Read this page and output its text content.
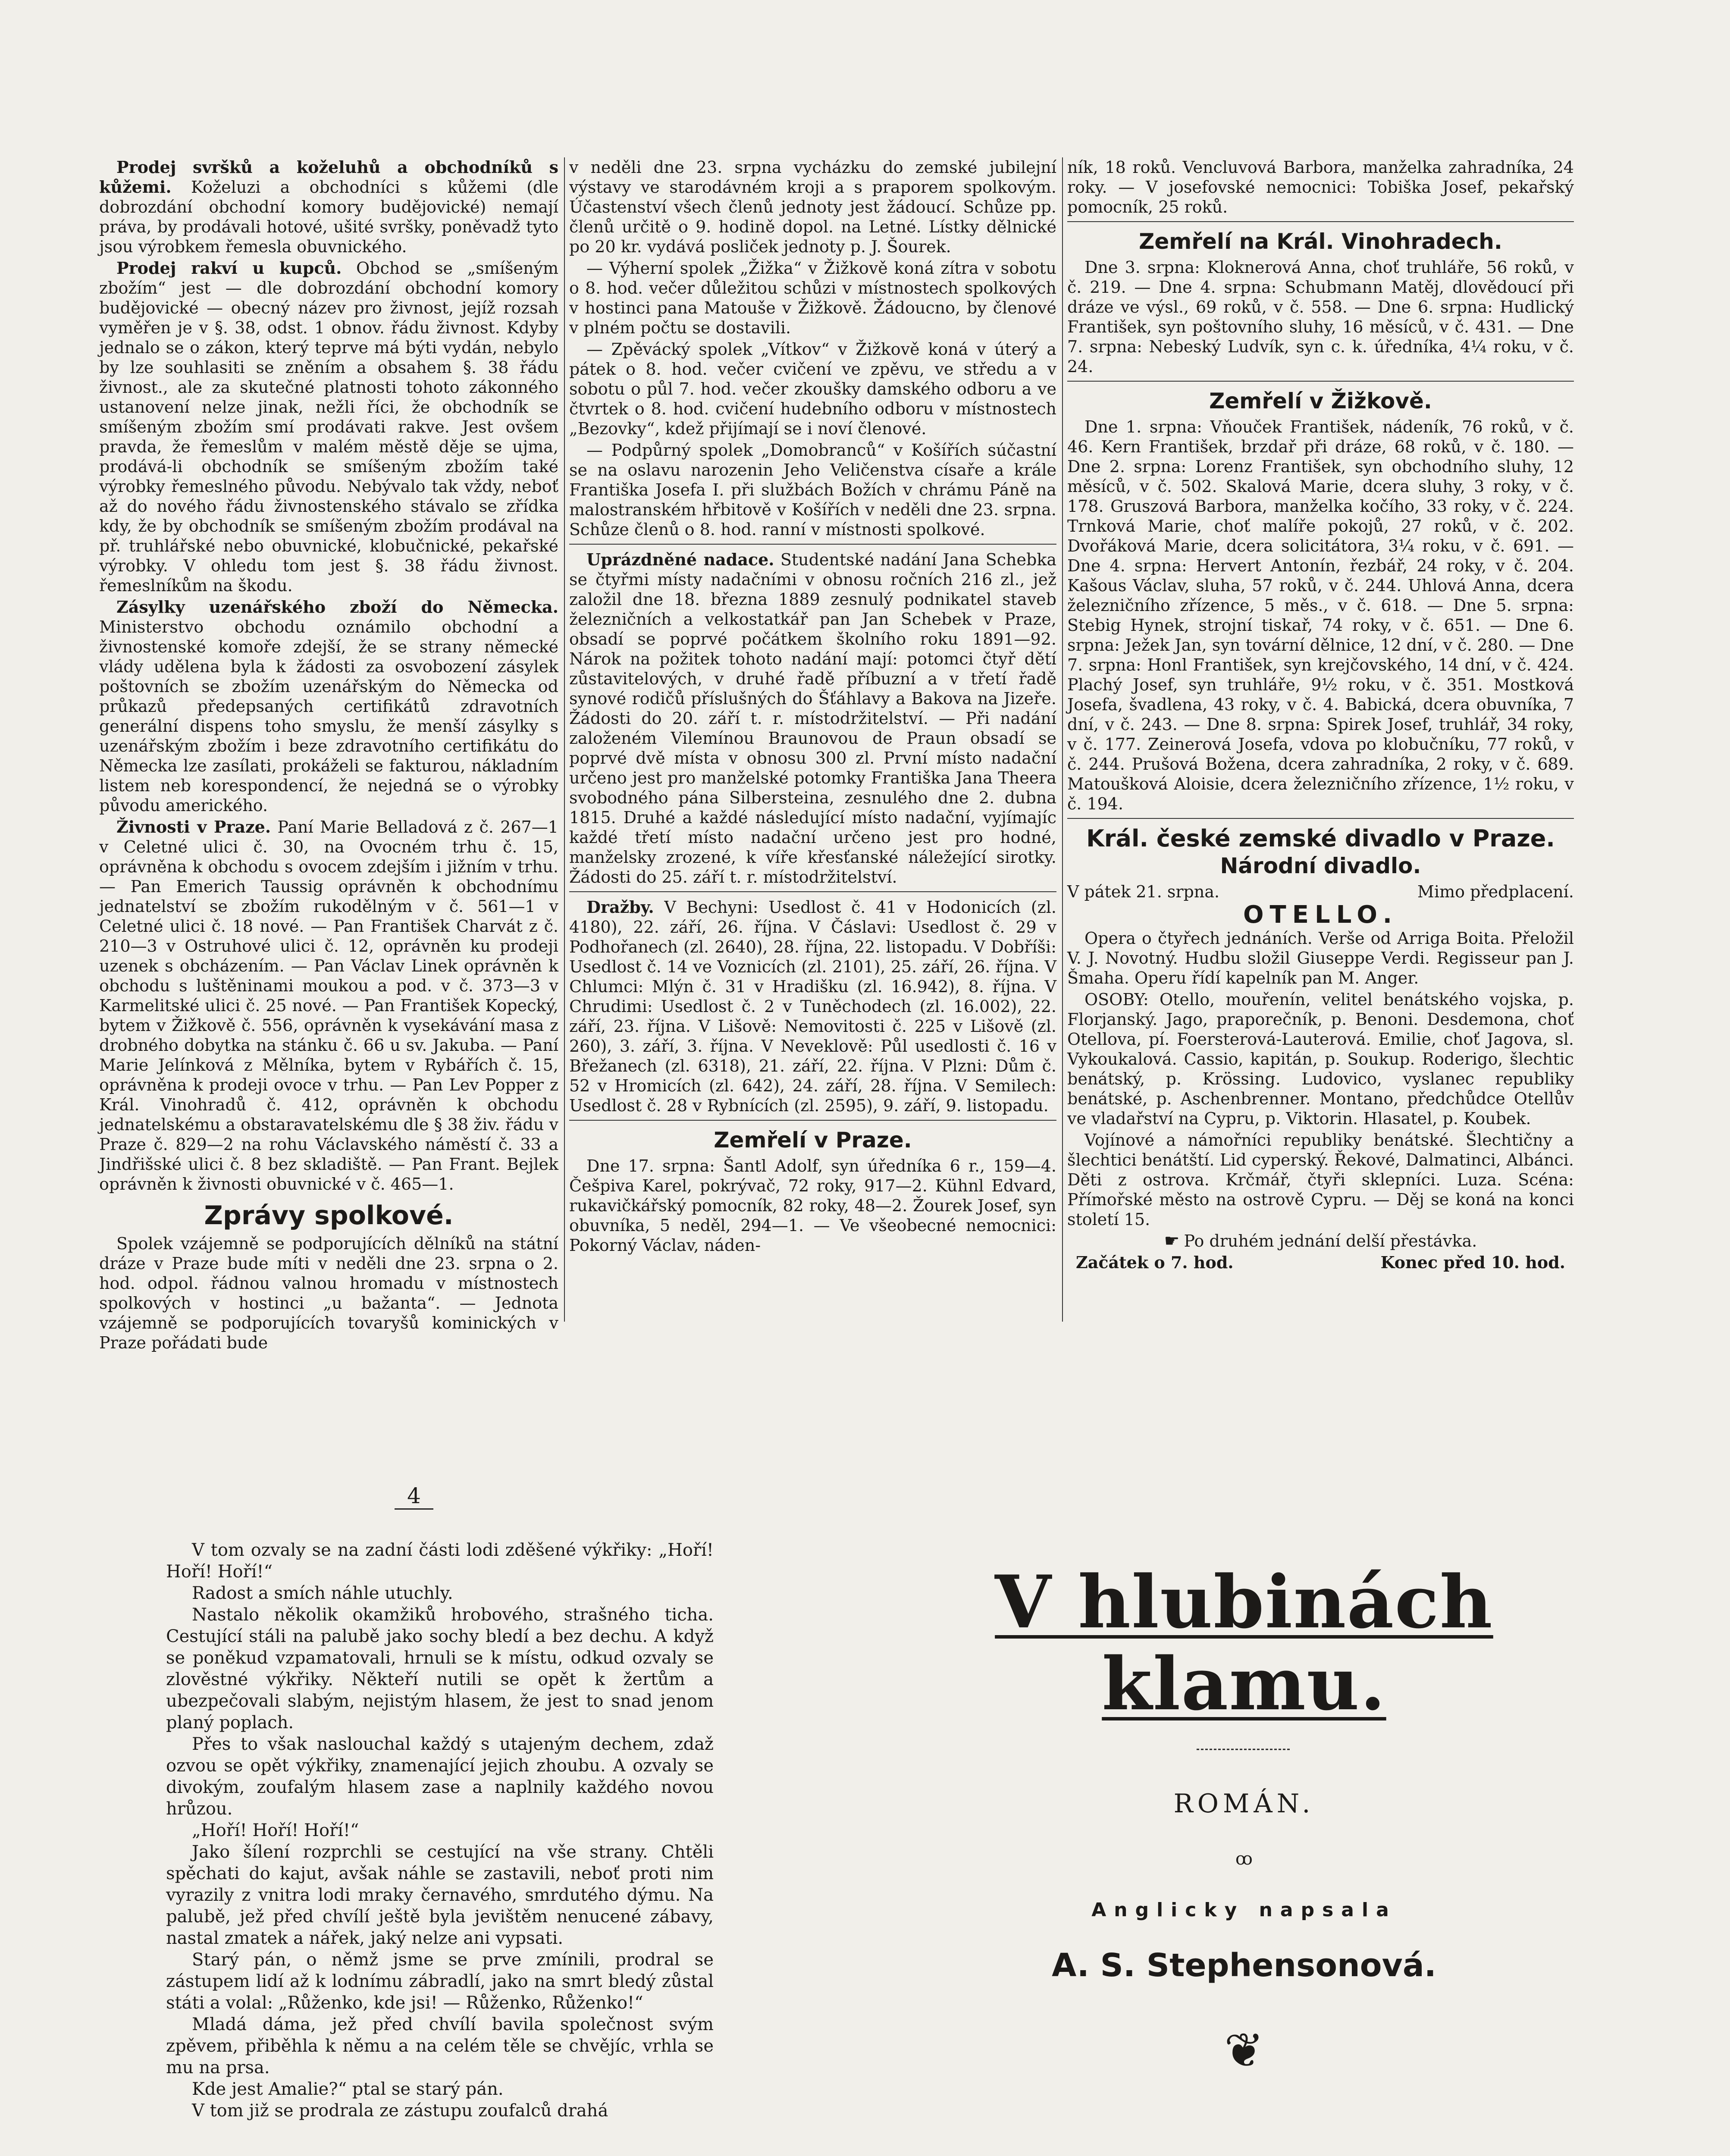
Prodej svršků a koželuhů a obchodníků s kůžemi. Koželuzi a obchodníci s kůžemi (dle dobrozdání obchodní komory budějovické) nemají práva, by prodávali hotové, ušité svršky, poněvadž tyto jsou výrobkem řemesla obuvnického.

Prodej rakví u kupců. Obchod se „smíšeným zbožím“ jest — dle dobrozdání obchodní komory budějovické — obecný název pro živnost, jejíž rozsah vyměřen je v §. 38, odst. 1 obnov. řádu živnost. Kdyby jednalo se o zákon, který teprve má býti vydán, nebylo by lze souhlasiti se zněním a obsahem §. 38 řádu živnost., ale za skutečné platnosti tohoto zákonného ustanovení nelze jinak, nežli říci, že obchodník se smíšeným zbožím smí prodávati rakve. Jest ovšem pravda, že řemeslům v malém městě děje se ujma, prodává-li obchodník se smíšeným zbožím také výrobky řemeslného původu. Nebývalo tak vždy, neboť až do nového řádu živnostenského stávalo se zřídka kdy, že by obchodník se smíšeným zbožím prodával na př. truhlářské nebo obuvnické, klobučnické, pekařské výrobky. V ohledu tom jest §. 38 řádu živnost. řemeslníkům na škodu.

Zásylky uzenářského zboží do Německa. Ministerstvo obchodu oznámilo obchodní a živnostenské komoře zdejší, že se strany německé vlády udělena byla k žádosti za osvobození zásylek poštovních se zbožím uzenářským do Německa od průkazů předepsaných certifikátů zdravotních generální dispens toho smyslu, že menší zásylky s uzenářským zbožím i beze zdravotního certifikátu do Německa lze zasílati, prokáželi se fakturou, nákladním listem neb korespondencí, že nejedná se o výrobky původu amerického.

Živnosti v Praze. Paní Marie Belladová z č. 267—1 v Celetné ulici č. 30, na Ovocném trhu č. 15, oprávněna k obchodu s ovocem zdejším i jižním v trhu. — Pan Emerich Taussig oprávněn k obchodnímu jednatelství se zbožím rukodělným v č. 561—1 v Celetné ulici č. 18 nové. — Pan František Charvát z č. 210—3 v Ostruhové ulici č. 12, oprávněn ku prodeji uzenek s obcházením. — Pan Václav Linek oprávněn k obchodu s luštěninami moukou a pod. v č. 373—3 v Karmelitské ulici č. 25 nové. — Pan František Kopecký, bytem v Žižkově č. 556, oprávněn k vysekávání masa z drobného dobytka na stánku č. 66 u sv. Jakuba. — Paní Marie Jelínková z Mělníka, bytem v Rybářích č. 15, oprávněna k prodeji ovoce v trhu. — Pan Lev Popper z Král. Vinohradů č. 412, oprávněn k obchodu jednatelskému a obstaravatelskému dle § 38 živ. řádu v Praze č. 829—2 na rohu Václavského náměstí č. 33 a Jindřišské ulici č. 8 bez skladiště. — Pan Frant. Bejlek oprávněn k živnosti obuvnické v č. 465—1.

Zprávy spolkové.

Spolek vzájemně se podporujících dělníků na státní dráze v Praze bude míti v neděli dne 23. srpna o 2. hod. odpol. řádnou valnou hromadu v místnostech spolkových v hostinci „u bažanta“. — Jednota vzájemně se podporujících tovaryšů kominických v Praze pořádati bude

v neděli dne 23. srpna vycházku do zemské jubilejní výstavy ve starodávném kroji a s praporem spolkovým. Účastenství všech členů jednoty jest žádoucí. Schůze pp. členů určitě o 9. hodině dopol. na Letné. Lístky dělnické po 20 kr. vydává posliček jednoty p. J. Šourek.

— Výherní spolek „Žižka“ v Žižkově koná zítra v sobotu o 8. hod. večer důležitou schůzi v místnostech spolkových v hostinci pana Matouše v Žižkově. Žádoucno, by členové v plném počtu se dostavili.

— Zpěvácký spolek „Vítkov“ v Žižkově koná v úterý a pátek o 8. hod. večer cvičení ve zpěvu, ve středu a v sobotu o půl 7. hod. večer zkoušky damského odboru a ve čtvrtek o 8. hod. cvičení hudebního odboru v místnostech „Bezovky“, kdež přijímají se i noví členové.

— Podpůrný spolek „Domobranců“ v Košířích súčastní se na oslavu narozenin Jeho Veličenstva císaře a krále Františka Josefa I. při službách Božích v chrámu Páně na malostranském hřbitově v Košířích v neděli dne 23. srpna. Schůze členů o 8. hod. ranní v místnosti spolkové.

Uprázdněné nadace. Studentské nadání Jana Schebka se čtyřmi místy nadačními v obnosu ročních 216 zl., jež založil dne 18. března 1889 zesnulý podnikatel staveb železničních a velkostatkář pan Jan Schebek v Praze, obsadí se poprvé počátkem školního roku 1891—92. Nárok na požitek tohoto nadání mají: potomci čtyř dětí zůstavitelových, v druhé řadě příbuzní a v třetí řadě synové rodičů příslušných do Šťáhlavy a Bakova na Jizeře. Žádosti do 20. září t. r. místodržitelství. — Při nadání založeném Vilemínou Braunovou de Praun obsadí se poprvé dvě místa v obnosu 300 zl. První místo nadační určeno jest pro manželské potomky Františka Jana Theera svobodného pána Silbersteina, zesnulého dne 2. dubna 1815. Druhé a každé následující místo nadační, vyjímajíc každé třetí místo nadační určeno jest pro hodné, manželsky zrozené, k víře křesťanské náležející sirotky. Žádosti do 25. září t. r. místodržitelství.

Dražby. V Bechyni: Usedlost č. 41 v Hodonicích (zl. 4180), 22. září, 26. října. V Čáslavi: Usedlost č. 29 v Podhořanech (zl. 2640), 28. října, 22. listopadu. V Dobříši: Usedlost č. 14 ve Voznicích (zl. 2101), 25. září, 26. října. V Chlumci: Mlýn č. 31 v Hradišku (zl. 16.942), 8. října. V Chrudimi: Usedlost č. 2 v Tuněchodech (zl. 16.002), 22. září, 23. října. V Lišově: Nemovitosti č. 225 v Lišově (zl. 260), 3. září, 3. října. V Neveklově: Půl usedlosti č. 16 v Břežanech (zl. 6318), 21. září, 22. října. V Plzni: Dům č. 52 v Hromicích (zl. 642), 24. září, 28. října. V Semilech: Usedlost č. 28 v Rybnících (zl. 2595), 9. září, 9. listopadu.

Zemřelí v Praze.

Dne 17. srpna: Šantl Adolf, syn úředníka 6 r., 159—4. Češpiva Karel, pokrývač, 72 roky, 917—2. Kühnl Edvard, rukavičkářský pomocník, 82 roky, 48—2. Žourek Josef, syn obuvníka, 5 neděl, 294—1. — Ve všeobecné nemocnici: Pokorný Václav, náden-

ník, 18 roků. Vencluvová Barbora, manželka zahradníka, 24 roky. — V josefovské nemocnici: Tobiška Josef, pekařský pomocník, 25 roků.

Zemřelí na Král. Vinohradech.

Dne 3. srpna: Kloknerová Anna, choť truhláře, 56 roků, v č. 219. — Dne 4. srpna: Schubmann Matěj, dlovědoucí při dráze ve výsl., 69 roků, v č. 558. — Dne 6. srpna: Hudlický František, syn poštovního sluhy, 16 měsíců, v č. 431. — Dne 7. srpna: Nebeský Ludvík, syn c. k. úředníka, 4¼ roku, v č. 24.

Zemřelí v Žižkově.

Dne 1. srpna: Vňouček František, nádeník, 76 roků, v č. 46. Kern František, brzdař při dráze, 68 roků, v č. 180. — Dne 2. srpna: Lorenz František, syn obchodního sluhy, 12 měsíců, v č. 502. Skalová Marie, dcera sluhy, 3 roky, v č. 178. Gruszová Barbora, manželka kočího, 33 roky, v č. 224. Trnková Marie, choť malíře pokojů, 27 roků, v č. 202. Dvořáková Marie, dcera solicitátora, 3¼ roku, v č. 691. — Dne 4. srpna: Hervert Antonín, řezbář, 24 roky, v č. 204. Kašous Václav, sluha, 57 roků, v č. 244. Uhlová Anna, dcera železničního zřízence, 5 měs., v č. 618. — Dne 5. srpna: Stebig Hynek, strojní tiskař, 74 roky, v č. 651. — Dne 6. srpna: Ježek Jan, syn tovární dělnice, 12 dní, v č. 280. — Dne 7. srpna: Honl František, syn krejčovského, 14 dní, v č. 424. Plachý Josef, syn truhláře, 9½ roku, v č. 351. Mostková Josefa, švadlena, 43 roky, v č. 4. Babická, dcera obuvníka, 7 dní, v č. 243. — Dne 8. srpna: Spirek Josef, truhlář, 34 roky, v č. 177. Zeinerová Josefa, vdova po klobučníku, 77 roků, v č. 244. Prušová Božena, dcera zahradníka, 2 roky, v č. 689. Matoušková Aloisie, dcera železničního zřízence, 1½ roku, v č. 194.

Král. české zemské divadlo v Praze.
Národní divadlo.

V pátek 21. srpna.	Mimo předplacení.

OTELLO.

Opera o čtyřech jednáních. Verše od Arriga Boita. Přeložil V. J. Novotný. Hudbu složil Giuseppe Verdi. Regisseur pan J. Šmaha. Operu řídí kapelník pan M. Anger.

OSOBY: Otello, mouřenín, velitel benátského vojska, p. Florjanský. Jago, praporečník, p. Benoni. Desdemona, choť Otellova, pí. Foersterová-Lauterová. Emilie, choť Jagova, sl. Vykoukalová. Cassio, kapitán, p. Soukup. Roderigo, šlechtic benátský, p. Krössing. Ludovico, vyslanec republiky benátské, p. Aschenbrenner. Montano, předchůdce Otellův ve vladařství na Cypru, p. Viktorin. Hlasatel, p. Koubek.

Vojínové a námořníci republiky benátské. Šlechtičny a šlechtici benátští. Lid cyperský. Řekové, Dalmatinci, Albánci. Děti z ostrova. Krčmář, čtyři sklepníci. Luza. Scéna: Přímořské město na ostrově Cypru. — Děj se koná na konci století 15.

☛ Po druhém jednání delší přestávka.

Začátek o 7. hod.	Konec před 10. hod.

4

V tom ozvaly se na zadní části lodi zděšené výkřiky: „Hoří! Hoří! Hoří!“

Radost a smích náhle utuchly.

Nastalo několik okamžiků hrobového, strašného ticha. Cestující stáli na palubě jako sochy bledí a bez dechu. A když se poněkud vzpamatovali, hrnuli se k místu, odkud ozvaly se zlověstné výkřiky. Někteří nutili se opět k žertům a ubezpečovali slabým, nejistým hlasem, že jest to snad jenom planý poplach.

Přes to však naslouchal každý s utajeným dechem, zdaž ozvou se opět výkřiky, znamenající jejich zhoubu. A ozvaly se divokým, zoufalým hlasem zase a naplnily každého novou hrůzou.

„Hoří! Hoří! Hoří!“

Jako šílení rozprchli se cestující na vše strany. Chtěli spěchati do kajut, avšak náhle se zastavili, neboť proti nim vyrazily z vnitra lodi mraky černavého, smrdutého dýmu. Na palubě, jež před chvílí ještě byla jevištěm nenucené zábavy, nastal zmatek a nářek, jaký nelze ani vypsati.

Starý pán, o němž jsme se prve zmínili, prodral se zástupem lidí až k lodnímu zábradlí, jako na smrt bledý zůstal státi a volal: „Růženko, kde jsi! — Růženko, Růženko!“

Mladá dáma, jež před chvílí bavila společnost svým zpěvem, přiběhla k němu a na celém těle se chvějíc, vrhla se mu na prsa.

Kde jest Amalie?“ ptal se starý pán.

V tom již se prodrala ze zástupu zoufalců drahá

V hlubinách klamu.
ROMÁN.
ꝏ
Anglicky napsala
A. S. Stephensonová.
❦
